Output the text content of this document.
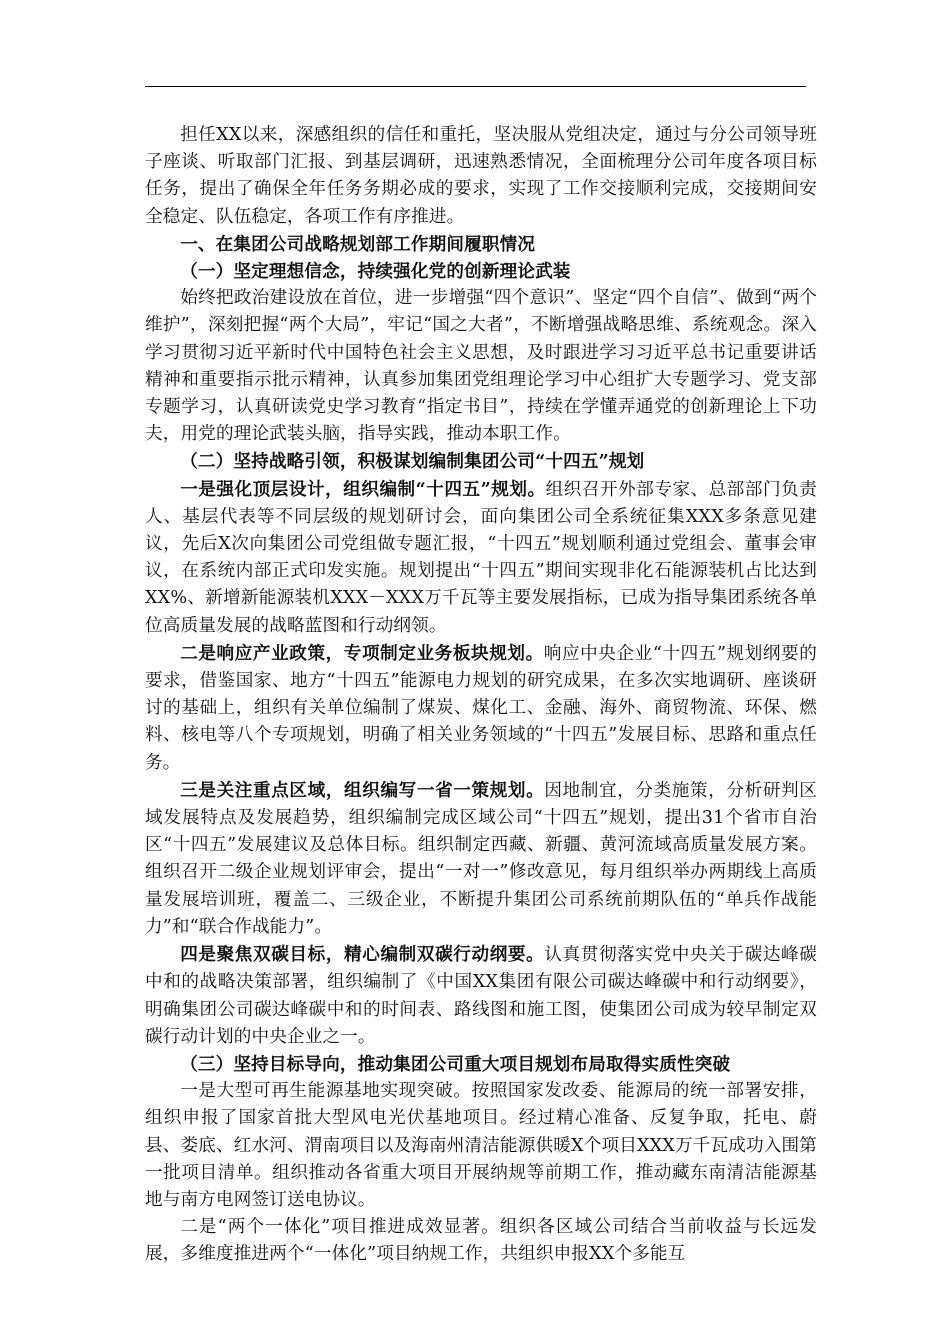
担任XX以来，深感组织的信任和重托，坚决服从党组决定，通过与分公司领导班子座谈、听取部门汇报、到基层调研，迅速熟悉情况，全面梳理分公司年度各项目标任务，提出了确保全年任务务期必成的要求，实现了工作交接顺利完成，交接期间安全稳定、队伍稳定，各项工作有序推进。

一、在集团公司战略规划部工作期间履职情况

（一）坚定理想信念，持续强化党的创新理论武装

始终把政治建设放在首位，进一步增强“四个意识”、坚定“四个自信”、做到“两个维护”，深刻把握“两个大局”，牢记“国之大者”，不断增强战略思维、系统观念。深入学习贯彻习近平新时代中国特色社会主义思想，及时跟进学习习近平总书记重要讲话精神和重要指示批示精神，认真参加集团党组理论学习中心组扩大专题学习、党支部专题学习，认真研读党史学习教育“指定书目”，持续在学懂弄通党的创新理论上下功夫，用党的理论武装头脑，指导实践，推动本职工作。

（二）坚持战略引领，积极谋划编制集团公司“十四五”规划

一是强化顶层设计，组织编制“十四五”规划。组织召开外部专家、总部部门负责人、基层代表等不同层级的规划研讨会，面向集团公司全系统征集XXX多条意见建议，先后X次向集团公司党组做专题汇报，“十四五”规划顺利通过党组会、董事会审议，在系统内部正式印发实施。规划提出“十四五”期间实现非化石能源装机占比达到XX%、新增新能源装机XXX－XXX万千瓦等主要发展指标，已成为指导集团系统各单位高质量发展的战略蓝图和行动纲领。

二是响应产业政策，专项制定业务板块规划。响应中央企业“十四五”规划纲要的要求，借鉴国家、地方“十四五”能源电力规划的研究成果，在多次实地调研、座谈研讨的基础上，组织有关单位编制了煤炭、煤化工、金融、海外、商贸物流、环保、燃料、核电等八个专项规划，明确了相关业务领域的“十四五”发展目标、思路和重点任务。

三是关注重点区域，组织编写一省一策规划。因地制宜，分类施策，分析研判区域发展特点及发展趋势，组织编制完成区域公司“十四五”规划，提出31个省市自治区“十四五”发展建议及总体目标。组织制定西藏、新疆、黄河流域高质量发展方案。组织召开二级企业规划评审会，提出“一对一”修改意见，每月组织举办两期线上高质量发展培训班，覆盖二、三级企业，不断提升集团公司系统前期队伍的“单兵作战能力”和“联合作战能力”。

四是聚焦双碳目标，精心编制双碳行动纲要。认真贯彻落实党中央关于碳达峰碳中和的战略决策部署，组织编制了《中国XX集团有限公司碳达峰碳中和行动纲要》，明确集团公司碳达峰碳中和的时间表、路线图和施工图，使集团公司成为较早制定双碳行动计划的中央企业之一。

（三）坚持目标导向，推动集团公司重大项目规划布局取得实质性突破

一是大型可再生能源基地实现突破。按照国家发改委、能源局的统一部署安排，组织申报了国家首批大型风电光伏基地项目。经过精心准备、反复争取，托电、蔚县、娄底、红水河、渭南项目以及海南州清洁能源供暖X个项目XXX万千瓦成功入围第一批项目清单。组织推动各省重大项目开展纳规等前期工作，推动藏东南清洁能源基地与南方电网签订送电协议。

二是“两个一体化”项目推进成效显著。组织各区域公司结合当前收益与长远发展，多维度推进两个“一体化”项目纳规工作，共组织申报XX个多能互
